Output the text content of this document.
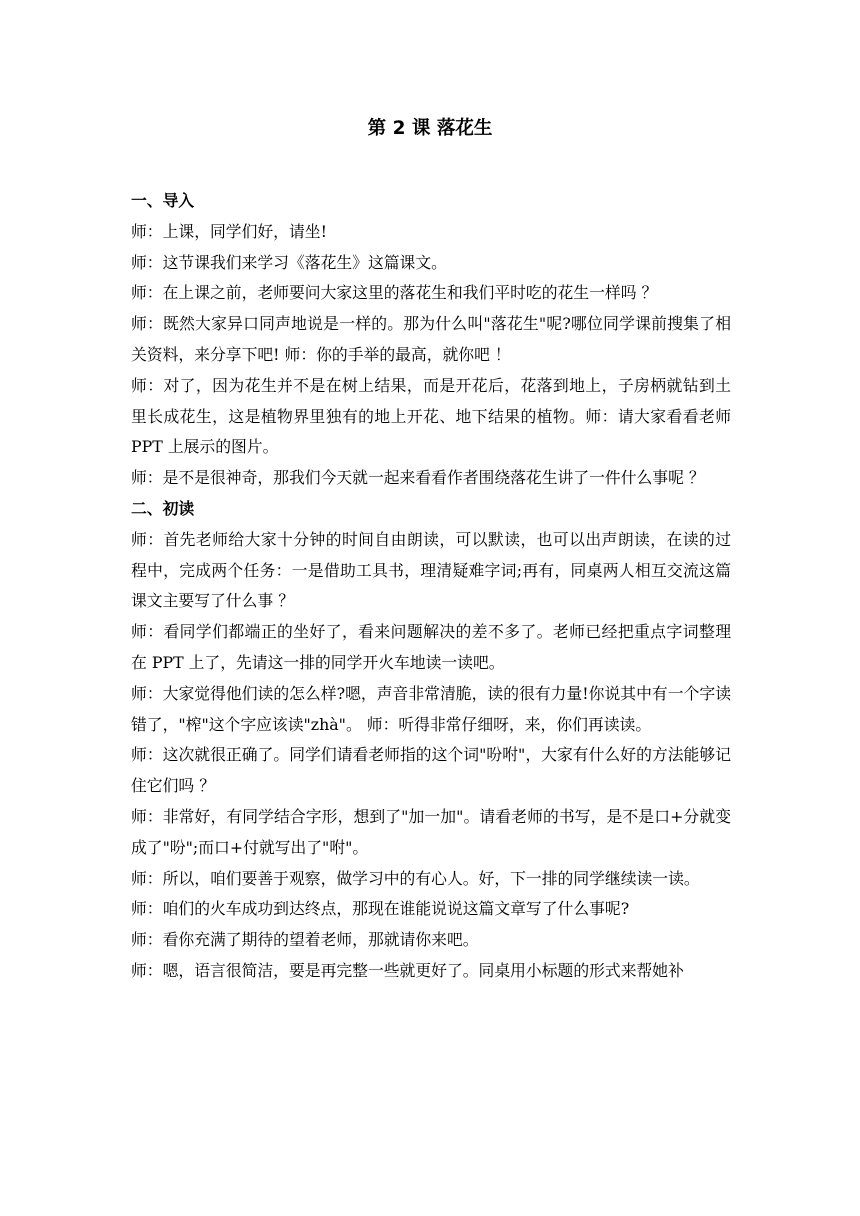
第 2 课 落花生
一、导入

师：上课，同学们好，请坐!

师：这节课我们来学习《落花生》这篇课文。

师：在上课之前，老师要问大家这里的落花生和我们平时吃的花生一样吗 ？

师：既然大家异口同声地说是一样的。那为什么叫"落花生"呢?哪位同学课前搜集了相关资料，来分享下吧! 师：你的手举的最高，就你吧 ！

师：对了，因为花生并不是在树上结果，而是开花后，花落到地上，子房柄就钻到土里长成花生，这是植物界里独有的地上开花、地下结果的植物。师：请大家看看老师 PPT 上展示的图片。

师：是不是很神奇，那我们今天就一起来看看作者围绕落花生讲了一件什么事呢 ？

二、初读

师：首先老师给大家十分钟的时间自由朗读，可以默读，也可以出声朗读，在读的过程中，完成两个任务：一是借助工具书，理清疑难字词;再有，同桌两人相互交流这篇课文主要写了什么事 ？

师：看同学们都端正的坐好了，看来问题解决的差不多了。老师已经把重点字词整理在 PPT 上了，先请这一排的同学开火车地读一读吧。

师：大家觉得他们读的怎么样?嗯，声音非常清脆，读的很有力量!你说其中有一个字读错了，"榨"这个字应该读"zhà"。 师：听得非常仔细呀，来，你们再读读。

师：这次就很正确了。同学们请看老师指的这个词"吩咐"，大家有什么好的方法能够记住它们吗 ？

师：非常好，有同学结合字形，想到了"加一加"。请看老师的书写，是不是口+分就变成了"吩";而口+付就写出了"咐"。

师：所以，咱们要善于观察，做学习中的有心人。好，下一排的同学继续读一读。

师：咱们的火车成功到达终点，那现在谁能说说这篇文章写了什么事呢?

师：看你充满了期待的望着老师，那就请你来吧。

师：嗯，语言很简洁，要是再完整一些就更好了。同桌用小标题的形式来帮她补
